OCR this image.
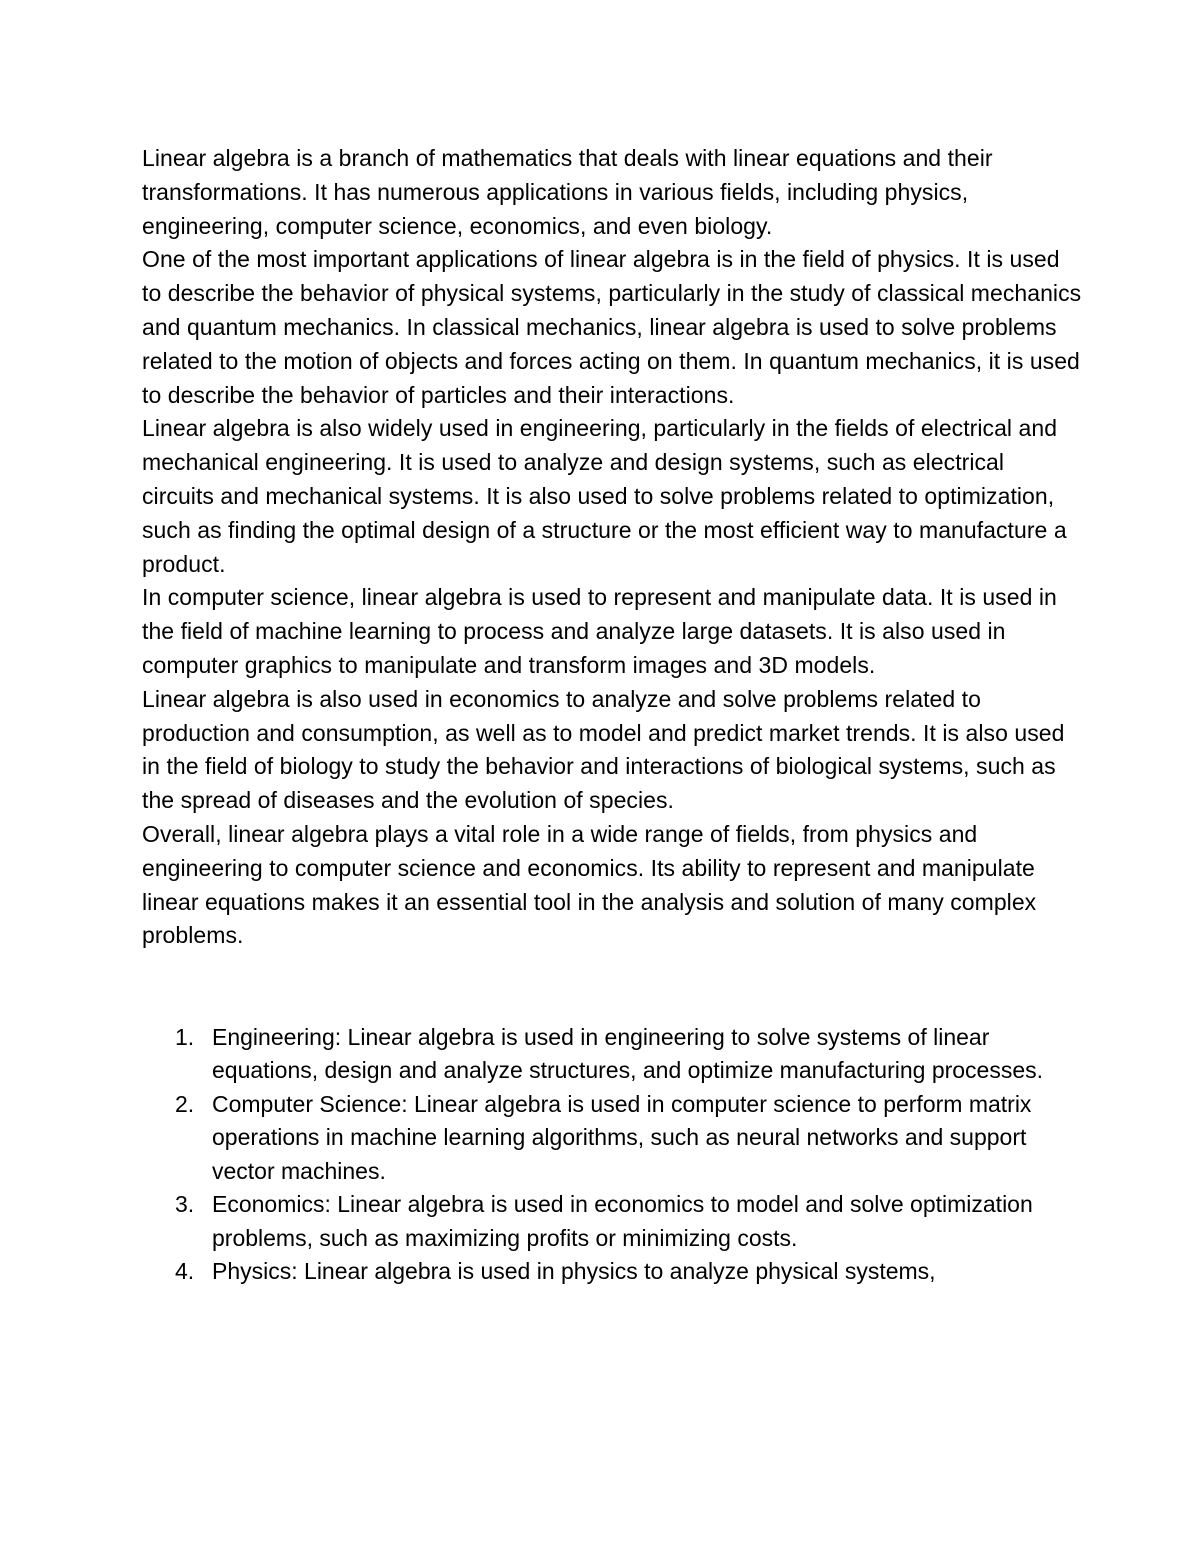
Linear algebra is a branch of mathematics that deals with linear equations and their transformations. It has numerous applications in various fields, including physics, engineering, computer science, economics, and even biology.

One of the most important applications of linear algebra is in the field of physics. It is used to describe the behavior of physical systems, particularly in the study of classical mechanics and quantum mechanics. In classical mechanics, linear algebra is used to solve problems related to the motion of objects and forces acting on them. In quantum mechanics, it is used to describe the behavior of particles and their interactions.

Linear algebra is also widely used in engineering, particularly in the fields of electrical and mechanical engineering. It is used to analyze and design systems, such as electrical circuits and mechanical systems. It is also used to solve problems related to optimization, such as finding the optimal design of a structure or the most efficient way to manufacture a product.

In computer science, linear algebra is used to represent and manipulate data. It is used in the field of machine learning to process and analyze large datasets. It is also used in computer graphics to manipulate and transform images and 3D models.

Linear algebra is also used in economics to analyze and solve problems related to production and consumption, as well as to model and predict market trends. It is also used in the field of biology to study the behavior and interactions of biological systems, such as the spread of diseases and the evolution of species.

Overall, linear algebra plays a vital role in a wide range of fields, from physics and engineering to computer science and economics. Its ability to represent and manipulate linear equations makes it an essential tool in the analysis and solution of many complex problems.

1. Engineering: Linear algebra is used in engineering to solve systems of linear equations, design and analyze structures, and optimize manufacturing processes.
2. Computer Science: Linear algebra is used in computer science to perform matrix operations in machine learning algorithms, such as neural networks and support vector machines.
3. Economics: Linear algebra is used in economics to model and solve optimization problems, such as maximizing profits or minimizing costs.
4. Physics: Linear algebra is used in physics to analyze physical systems,
